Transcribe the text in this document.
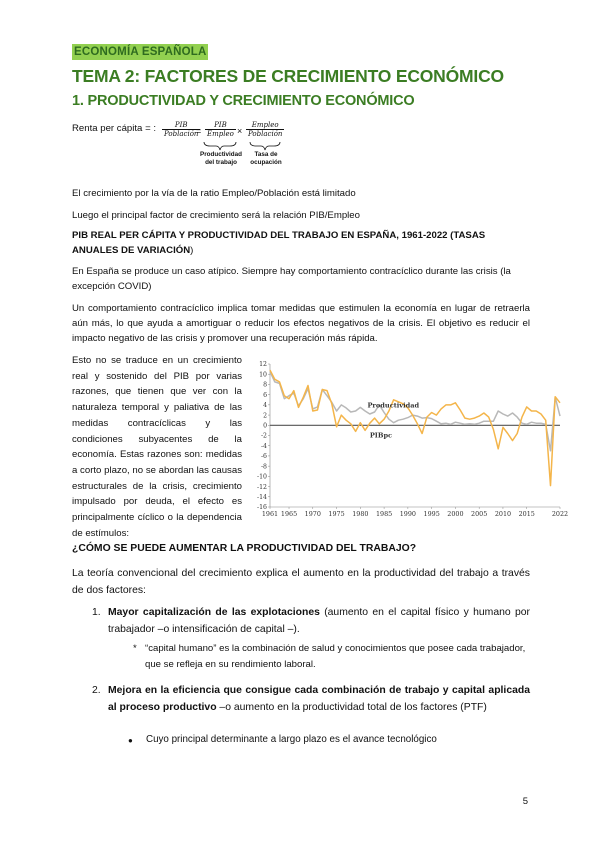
ECONOMÍA ESPAÑOLA
TEMA 2: FACTORES DE CRECIMIENTO ECONÓMICO
1. PRODUCTIVIDAD Y CRECIMIENTO ECONÓMICO
Renta per cápita = :	PIB
Población
=
PIB
Empleo ×
Empleo
Población
Productividad
del trabajo
Tasa de
ocupación
El crecimiento por la vía de la ratio Empleo/Población está limitado
Luego el principal factor de crecimiento será la relación PIB/Empleo
PIB REAL PER CÁPITA Y PRODUCTIVIDAD DEL TRABAJO EN ESPAÑA, 1961-2022 (TASAS ANUALES DE VARIACIÓN)
En España se produce un caso atípico. Siempre hay comportamiento contracíclico durante las crisis (la excepción COVID)
Un comportamiento contracíclico implica tomar medidas que estimulen la economía en lugar de retraerla aún más, lo que ayuda a amortiguar o reducir los efectos negativos de la crisis. El objetivo es reducir el impacto negativo de las crisis y promover una recuperación más rápida.
Esto no se traduce en un crecimiento real y sostenido del PIB por varias razones, que tienen que ver con la naturaleza temporal y paliativa de las medidas contracíclicas y las condiciones subyacentes de la economía. Estas razones son: medidas a corto plazo, no se abordan las causas estructurales de la crisis, crecimiento impulsado por deuda, el efecto es principalmente cíclico o la dependencia de estímulos:
12
10
8
6
4
2
0
-2
-4
-6
-8
-10
-12
-14
-16
1961 1965 1970 1975 1980 1985 1990 1995 2000 2005 2010 2015	2022
Productividad
PIBpc
¿CÓMO SE PUEDE AUMENTAR LA PRODUCTIVIDAD DEL TRABAJO?
La teoría convencional del crecimiento explica el aumento en la productividad del trabajo a través de dos factores:
1. Mayor capitalización de las explotaciones (aumento en el capital físico y humano por trabajador –o intensificación de capital –).
* “capital humano” es la combinación de salud y conocimientos que posee cada trabajador, que se refleja en su rendimiento laboral.
2. Mejora en la eficiencia que consigue cada combinación de trabajo y capital aplicada al proceso productivo –o aumento en la productividad total de los factores (PTF)
● Cuyo principal determinante a largo plazo es el avance tecnológico
5
